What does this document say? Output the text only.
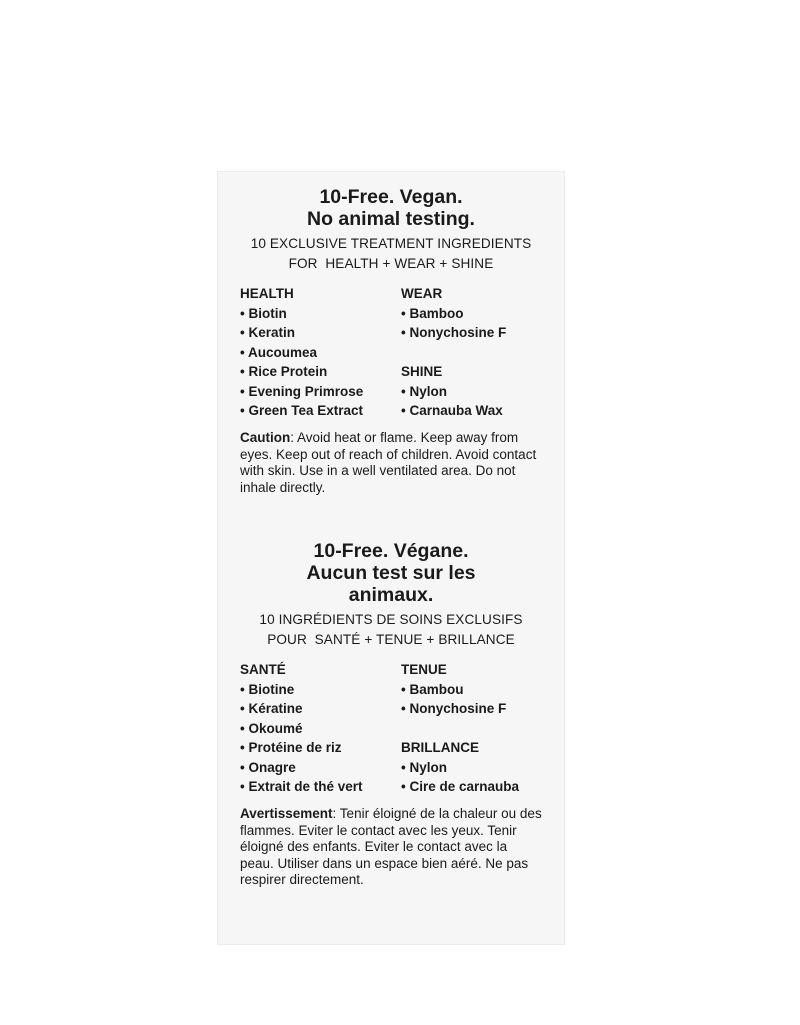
10-Free. Vegan.
No animal testing.

10 EXCLUSIVE TREATMENT INGREDIENTS
FOR  HEALTH + WEAR + SHINE

HEALTH
• Biotin
• Keratin
• Aucoumea
• Rice Protein
• Evening Primrose
• Green Tea Extract
WEAR
• Bamboo
• Nonychosine F
SHINE
• Nylon
• Carnauba Wax
Caution: Avoid heat or flame. Keep away from eyes. Keep out of reach of children. Avoid contact with skin. Use in a well ventilated area. Do not inhale directly.

10-Free. Végane.
Aucun test sur les
animaux.

10 INGRÉDIENTS DE SOINS EXCLUSIFS
POUR  SANTÉ + TENUE + BRILLANCE

SANTÉ
• Biotine
• Kératine
• Okoumé
• Protéine de riz
• Onagre
• Extrait de thé vert
TENUE
• Bambou
• Nonychosine F
BRILLANCE
• Nylon
• Cire de carnauba
Avertissement: Tenir éloigné de la chaleur ou des flammes. Eviter le contact avec les yeux. Tenir éloigné des enfants. Eviter le contact avec la peau. Utiliser dans un espace bien aéré. Ne pas respirer directement.
